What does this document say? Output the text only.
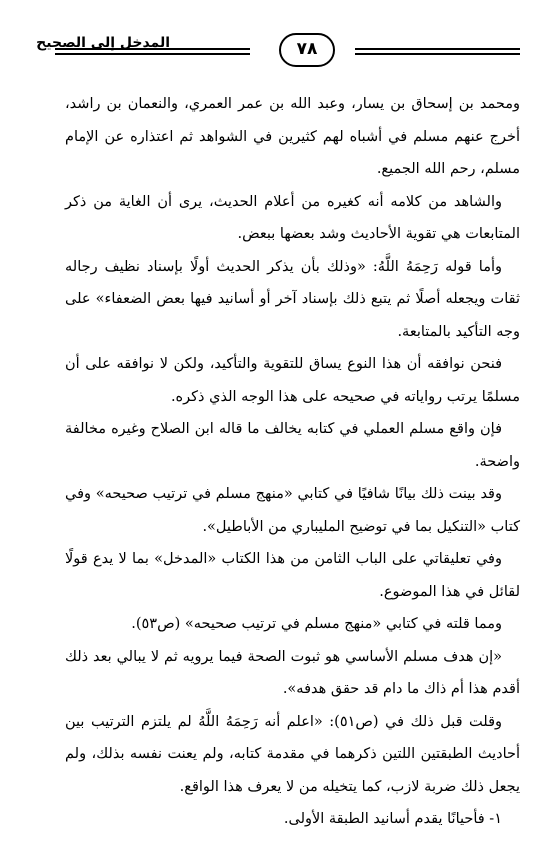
المدخل إلى الصحيح	٧٨

ومحمد بن إسحاق بن يسار، وعبد الله بن عمر العمري، والنعمان بن راشد، أخرج عنهم مسلم في أشباه لهم كثيرين في الشواهد ثم اعتذاره عن الإمام مسلم، رحم الله الجميع.

والشاهد من كلامه أنه كغيره من أعلام الحديث، يرى أن الغاية من ذكر المتابعات هي تقوية الأحاديث وشد بعضها ببعض.

وأما قوله رَحِمَهُ اللَّهُ: «وذلك بأن يذكر الحديث أولًا بإسناد نظيف رجاله ثقات ويجعله أصلًا ثم يتبع ذلك بإسناد آخر أو أسانيد فيها بعض الضعفاء» على وجه التأكيد بالمتابعة.

فنحن نوافقه أن هذا النوع يساق للتقوية والتأكيد، ولكن لا نوافقه على أن مسلمًا يرتب رواياته في صحيحه على هذا الوجه الذي ذكره.

فإن واقع مسلم العملي في كتابه يخالف ما قاله ابن الصلاح وغيره مخالفة واضحة.

وقد بينت ذلك بيانًا شافيًا في كتابي «منهج مسلم في ترتيب صحيحه» وفي كتاب «التنكيل بما في توضيح المليباري من الأباطيل».

وفي تعليقاتي على الباب الثامن من هذا الكتاب «المدخل» بما لا يدع قولًا لقائل في هذا الموضوع.

ومما قلته في كتابي «منهج مسلم في ترتيب صحيحه» (ص٥٣).

«إن هدف مسلم الأساسي هو ثبوت الصحة فيما يرويه ثم لا يبالي بعد ذلك أقدم هذا أم ذاك ما دام قد حقق هدفه».

وقلت قبل ذلك في (ص٥١): «اعلم أنه رَحِمَهُ اللَّهُ لم يلتزم الترتيب بين أحاديث الطبقتين اللتين ذكرهما في مقدمة كتابه، ولم يعنت نفسه بذلك، ولم يجعل ذلك ضربة لازب، كما يتخيله من لا يعرف هذا الواقع.

١- فأحيانًا يقدم أسانيد الطبقة الأولى.
